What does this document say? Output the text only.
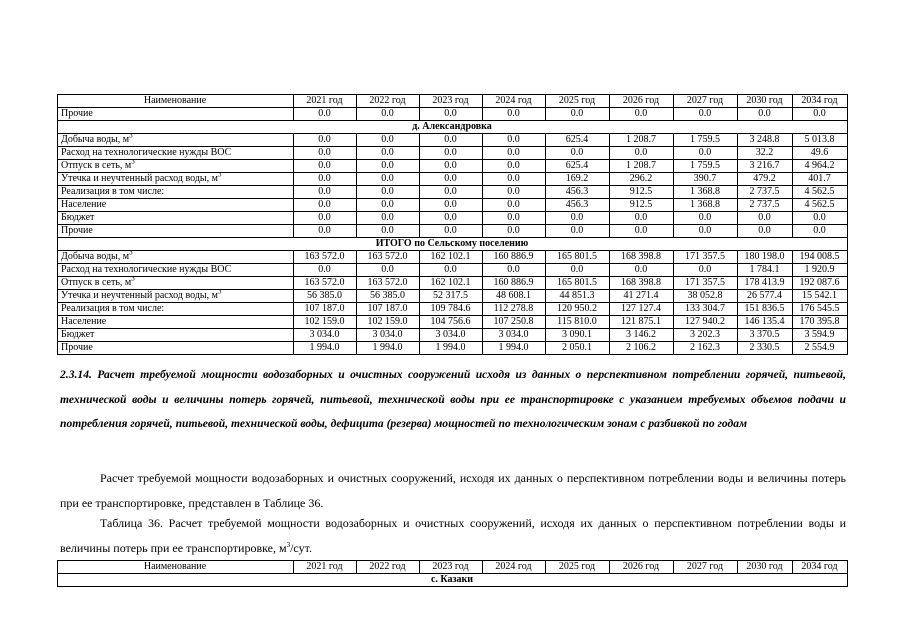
Наименование	2021 год	2022 год	2023 год	2024 год	2025 год	2026 год	2027 год	2030 год	2034 год
Прочие	0.0	0.0	0.0	0.0	0.0	0.0	0.0	0.0	0.0
д. Александровка									
Добыча воды, $м^3$	0.0	0.0	0.0	0.0	625.4	1 208.7	1 759.5	3 248.8	5 013.8
Расход на технологические нужды ВОС	0.0	0.0	0.0	0.0	0.0	0.0	0.0	32.2	49.6
Отпуск в сеть, $м^3$	0.0	0.0	0.0	0.0	625.4	1 208.7	1 759.5	3 216.7	4 964.2
Утечка и неучтенный расход воды, $м^3$	0.0	0.0	0.0	0.0	169.2	296.2	390.7	479.2	401.7
Реализация в том числе:	0.0	0.0	0.0	0.0	456.3	912.5	1 368.8	2 737.5	4 562.5
Население	0.0	0.0	0.0	0.0	456.3	912.5	1 368.8	2 737.5	4 562.5
Бюджет	0.0	0.0	0.0	0.0	0.0	0.0	0.0	0.0	0.0
Прочие	0.0	0.0	0.0	0.0	0.0	0.0	0.0	0.0	0.0
ИТОГО по Сельскому поселению									
Добыча воды, $м^3$	163 572.0	163 572.0	162 102.1	160 886.9	165 801.5	168 398.8	171 357.5	180 198.0	194 008.5
Расход на технологические нужды ВОС	0.0	0.0	0.0	0.0	0.0	0.0	0.0	1 784.1	1 920.9
Отпуск в сеть, $м^3$	163 572.0	163 572.0	162 102.1	160 886.9	165 801.5	168 398.8	171 357.5	178 413.9	192 087.6
Утечка и неучтенный расход воды, $м^3$	56 385.0	56 385.0	52 317.5	48 608.1	44 851.3	41 271.4	38 052.8	26 577.4	15 542.1
Реализация в том числе:	107 187.0	107 187.0	109 784.6	112 278.8	120 950.2	127 127.4	133 304.7	151 836.5	176 545.5
Население	102 159.0	102 159.0	104 756.6	107 250.8	115 810.0	121 875.1	127 940.2	146 135.4	170 395.8
Бюджет	3 034.0	3 034.0	3 034.0	3 034.0	3 090.1	3 146.2	3 202.3	3 370.5	3 594.9
Прочие	1 994.0	1 994.0	1 994.0	1 994.0	2 050.1	2 106.2	2 162.3	2 330.5	2 554.9
2.3.14. Расчет требуемой мощности водозаборных и очистных сооружений исходя из данных о перспективном потреблении горячей, питьевой, технической воды и величины потерь горячей, питьевой, технической воды при ее транспортировке с указанием требуемых объемов подачи и потребления горячей, питьевой, технической воды, дефицита (резерва) мощностей по технологическим зонам с разбивкой по годам
Расчет требуемой мощности водозаборных и очистных сооружений, исходя их данных о перспективном потреблении воды и величины потерь при ее транспортировке, представлен в Таблице 36.
Таблица 36. Расчет требуемой мощности водозаборных и очистных сооружений, исходя их данных о перспективном потреблении воды и величины потерь при ее транспортировке, $м^3$/сут.
Наименование	2021 год	2022 год	2023 год	2024 год	2025 год	2026 год	2027 год	2030 год	2034 год
с. Казаки
